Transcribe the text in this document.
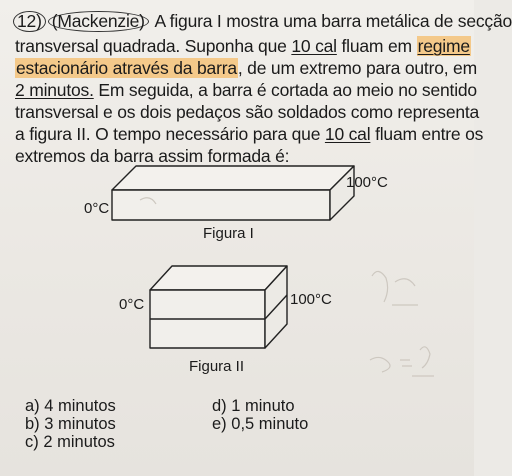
12) (Mackenzie) A figura I mostra uma barra metálica de secção
transversal quadrada. Suponha que 10 cal fluam em regime
estacionário através da barra, de um extremo para outro, em
2 minutos. Em seguida, a barra é cortada ao meio no sentido
transversal e os dois pedaços são soldados como representa
a figura II. O tempo necessário para que 10 cal fluam entre os
extremos da barra assim formada é:
0°C
100°C
Figura I
0°C	100°C
Figura II
a) 4 minutos
b) 3 minutos
c) 2 minutos
d) 1 minuto
e) 0,5 minuto
